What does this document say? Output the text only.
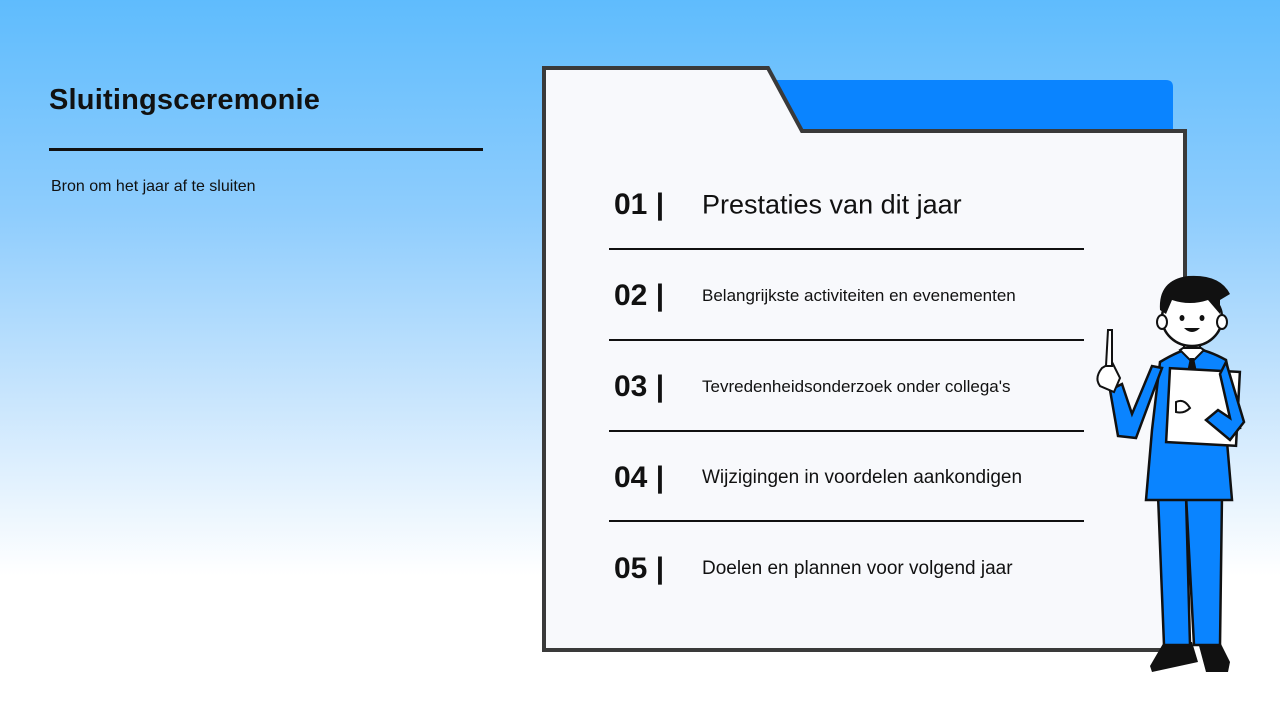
Sluitingsceremonie

Bron om het jaar af te sluiten

01 | Prestaties van dit jaar
02 | Belangrijkste activiteiten en evenementen
03 | Tevredenheidsonderzoek onder collega's
04 | Wijzigingen in voordelen aankondigen
05 | Doelen en plannen voor volgend jaar
